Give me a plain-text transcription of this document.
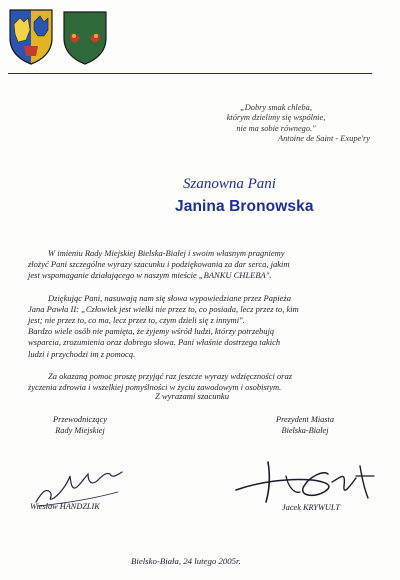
„Dobry smak chleba,
którym dzielimy się wspólnie,
nie ma sobie równego."
Antoine de Saint - Exupe'ry
Szanowna Pani
Janina Bronowska

W imieniu Rady Miejskiej Bielska-Białej i swoim własnym pragniemy
złożyć Pani szczególne wyrazy szacunku i podziękowania za dar serca, jakim
jest wspomaganie działającego w naszym mieście „BANKU CHLEBA".

Dziękując Pani, nasuwają nam się słowa wypowiedziane przez Papieża
Jana Pawła II: „Człowiek jest wielki nie przez to, co posiada, lecz przez to, kim
jest; nie przez to, co ma, lecz przez to, czym dzieli się z innymi".
Bardzo wiele osób nie pamięta, że żyjemy wśród ludzi, którzy potrzebują
wsparcia, zrozumienia oraz dobrego słowa. Pani właśnie dostrzega takich
ludzi i przychodzi im z pomocą.

Za okazaną pomoc proszę przyjąć raz jeszcze wyrazy wdzięczności oraz
życzenia zdrowia i wszelkiej pomyślności w życiu zawodowym i osobistym.

Z wyrazami szacunku
Przewodniczący
Rady Miejskiej
Prezydent Miasta
Bielska-Białej
Wiesław HANDZLIK	Jacek KRYWULT
Bielsko-Biała, 24 lutego 2005r.
